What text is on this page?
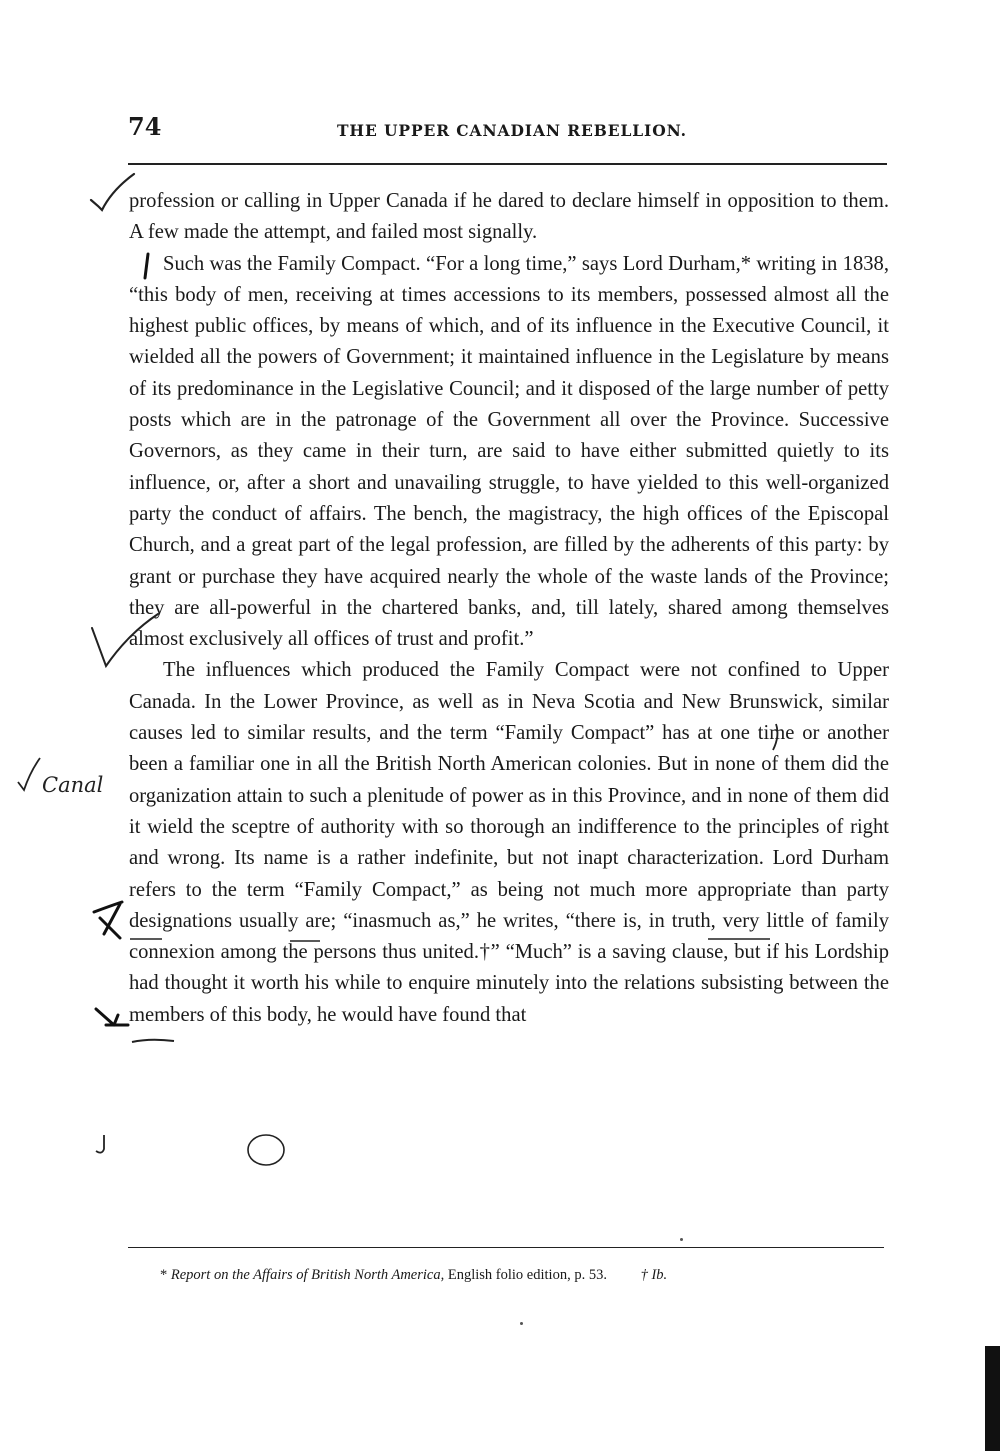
74	THE UPPER CANADIAN REBELLION.

profession or calling in Upper Canada if he dared to declare himself in opposition to them. A few made the attempt, and failed most signally.

Such was the Family Compact. “For a long time,” says Lord Durham,* writing in 1838, “this body of men, receiving at times accessions to its members, possessed almost all the highest public offices, by means of which, and of its influence in the Executive Council, it wielded all the powers of Government; it maintained influence in the Legislature by means of its predominance in the Legislative Council; and it disposed of the large number of petty posts which are in the patronage of the Government all over the Province. Successive Governors, as they came in their turn, are said to have either submitted quietly to its influence, or, after a short and unavailing struggle, to have yielded to this well-organized party the conduct of affairs. The bench, the magistracy, the high offices of the Episcopal Church, and a great part of the legal profession, are filled by the adherents of this party: by grant or purchase they have acquired nearly the whole of the waste lands of the Province; they are all-powerful in the chartered banks, and, till lately, shared among themselves almost exclusively all offices of trust and profit.”

The influences which produced the Family Compact were not confined to Upper Canada. In the Lower Province, as well as in Neva Scotia and New Brunswick, similar causes led to similar results, and the term “Family Compact” has at one time or another been a familiar one in all the British North American colonies. But in none of them did the organization attain to such a plenitude of power as in this Province, and in none of them did it wield the sceptre of authority with so thorough an indifference to the principles of right and wrong. Its name is a rather indefinite, but not inapt characterization. Lord Durham refers to the term “Family Compact,” as being not much more appropriate than party designations usually are; “inasmuch as,” he writes, “there is, in truth, very little of family connexion among the persons thus united.†” “Much” is a saving clause, but if his Lordship had thought it worth his while to enquire minutely into the relations subsisting between the members of this body, he would have found that

* Report on the Affairs of British North America, English folio edition, p. 53. † Ib.
Canal
